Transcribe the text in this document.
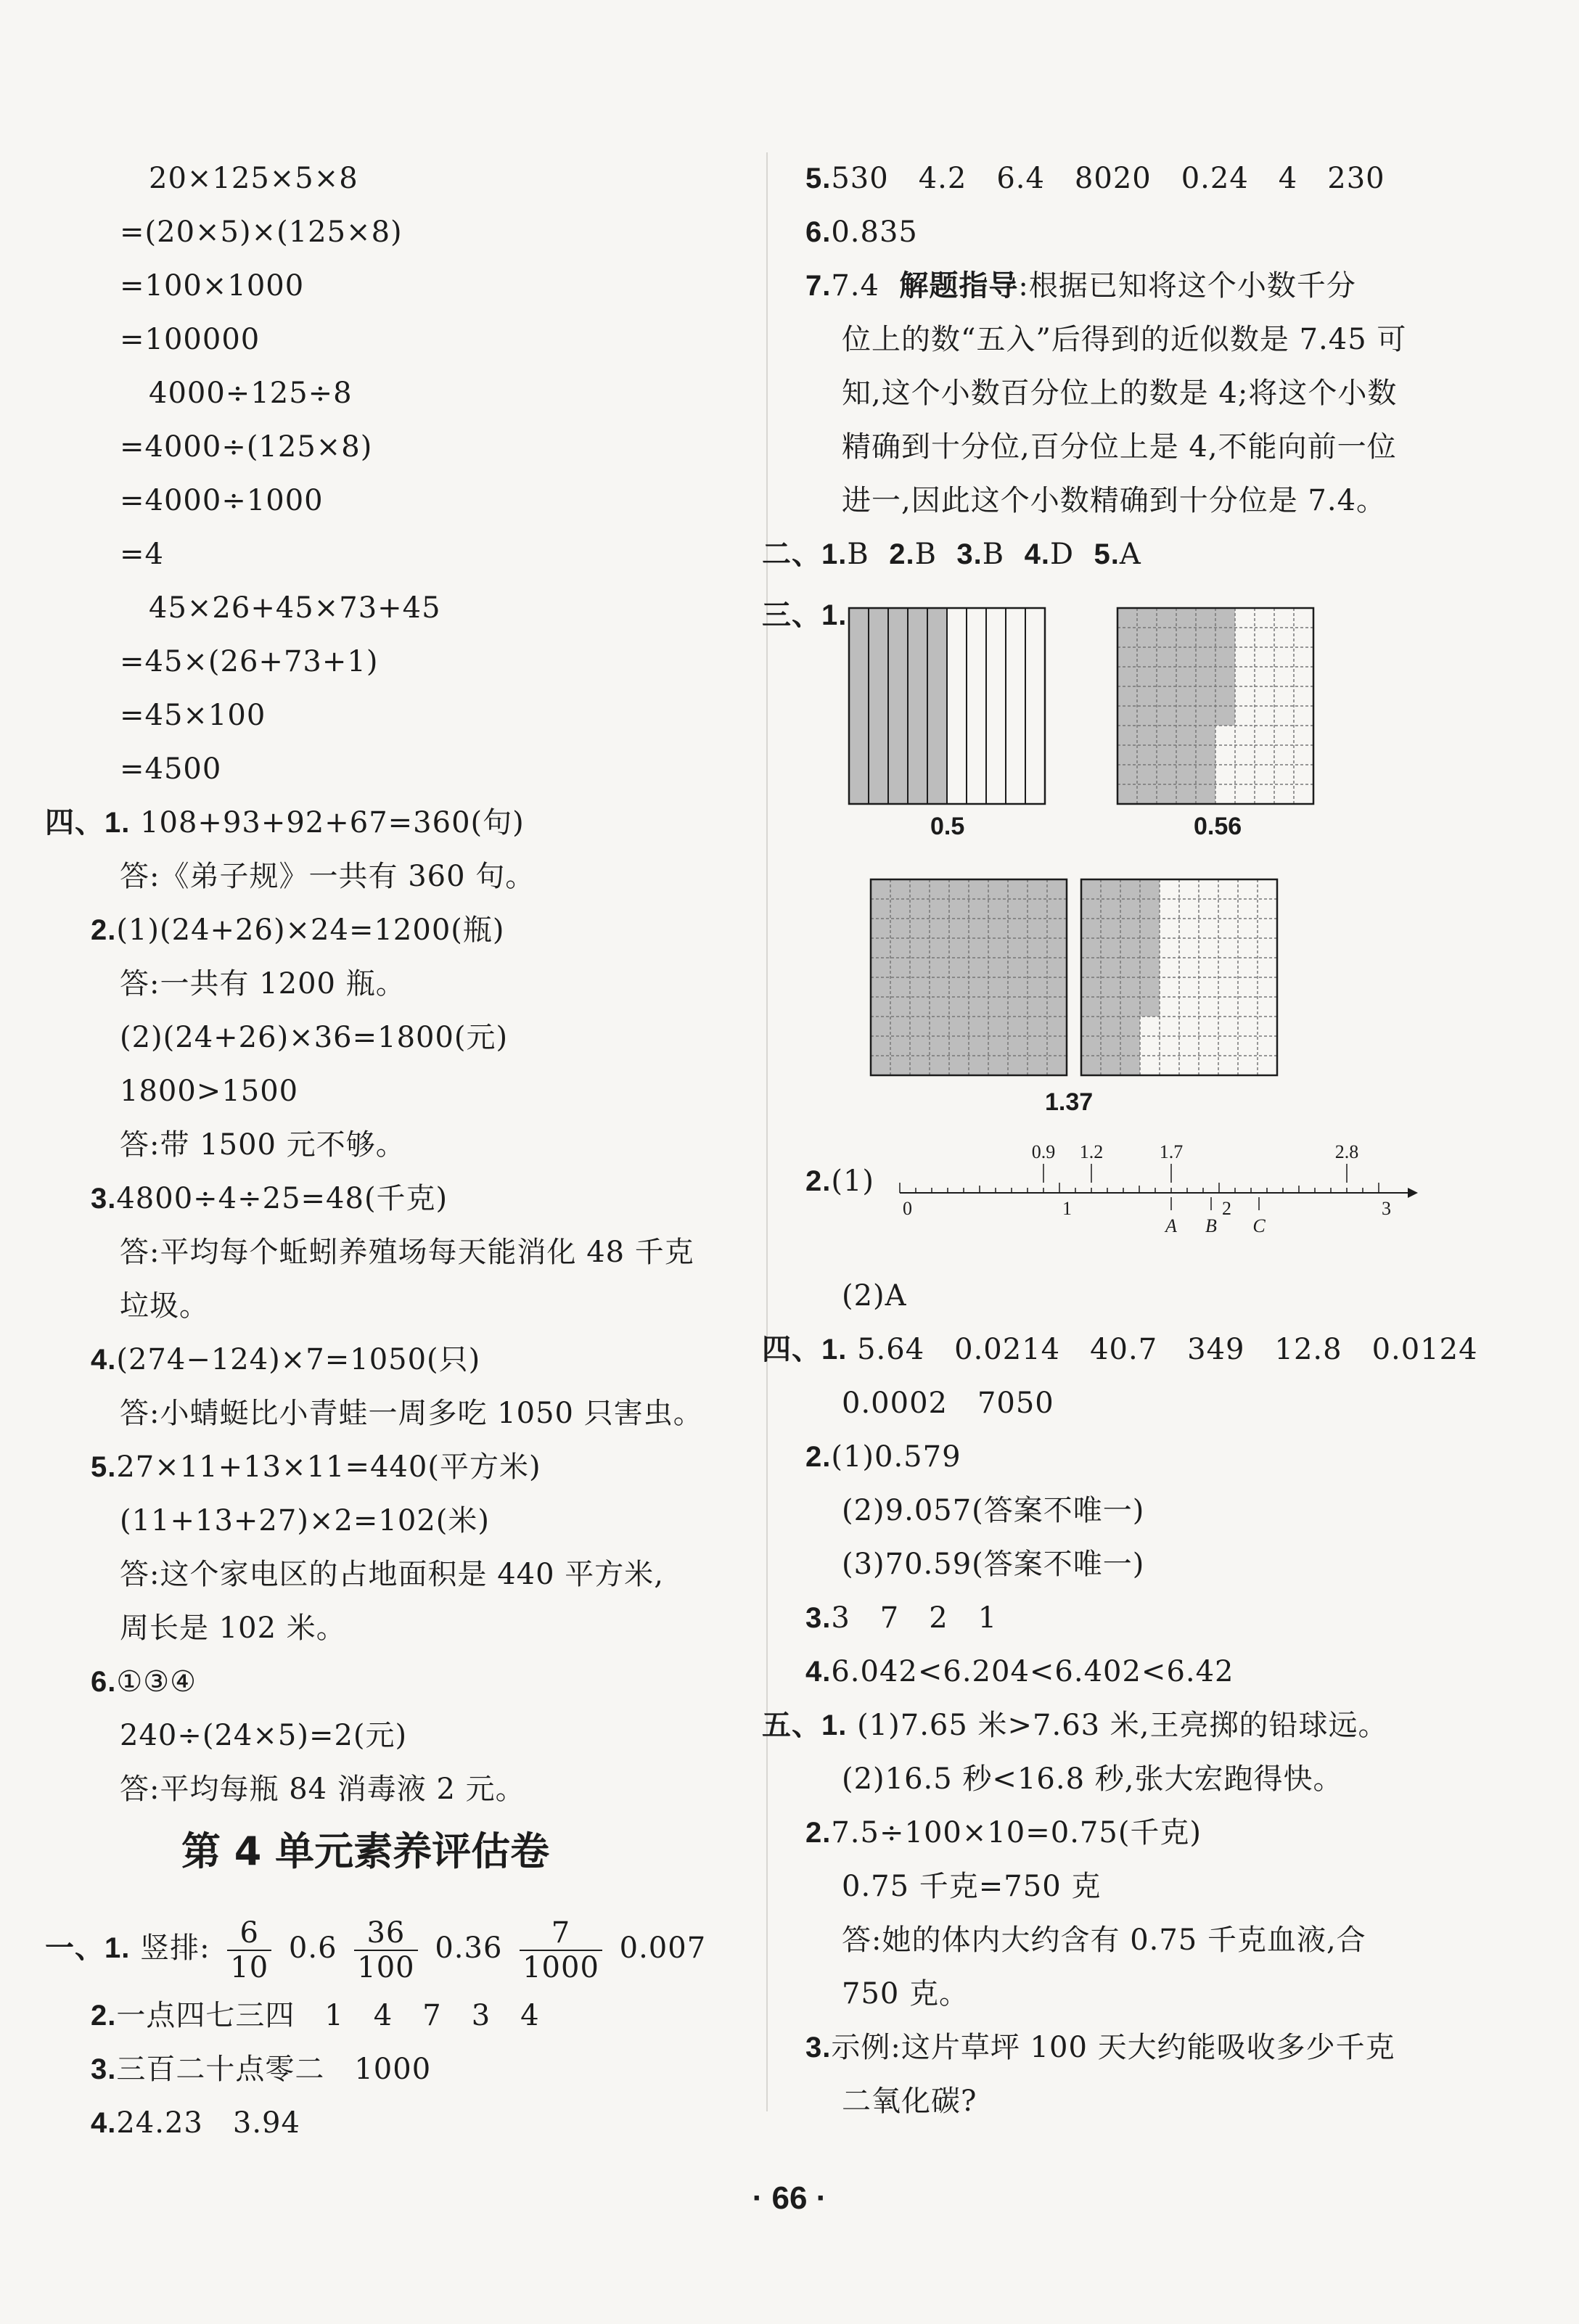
20×125×5×8
=(20×5)×(125×8)
=100×1000
=100000
4000÷125÷8
=4000÷(125×8)
=4000÷1000
=4
45×26+45×73+45
=45×(26+73+1)
=45×100
=4500
四、1. 108+93+92+67=360(句)
答:《弟子规》一共有 360 句。
2.(1)(24+26)×24=1200(瓶)
答:一共有 1200 瓶。
(2)(24+26)×36=1800(元)
1800>1500
答:带 1500 元不够。
3.4800÷4÷25=48(千克)
答:平均每个蚯蚓养殖场每天能消化 48 千克
垃圾。
4.(274−124)×7=1050(只)
答:小蜻蜓比小青蛙一周多吃 1050 只害虫。
5.27×11+13×11=440(平方米)
(11+13+27)×2=102(米)
答:这个家电区的占地面积是 440 平方米,
周长是 102 米。
6.①③④
240÷(24×5)=2(元)
答:平均每瓶 84 消毒液 2 元。
第 4 单元素养评估卷
一、1. 竖排: $\frac{6}{10} 0.6 \frac{36}{100} 0.36 \frac{7}{1000} 0.007$
2.一点四七三四　1　4　7　3　4
3.三百二十点零二　1000
4.24.23　3.94
5.530　4.2　6.4　8020　0.24　4　230
6.0.835
7.7.4 解题指导:根据已知将这个小数千分
位上的数“五入”后得到的近似数是 7.45 可
知,这个小数百分位上的数是 4;将这个小数
精确到十分位,百分位上是 4,不能向前一位
进一,因此这个小数精确到十分位是 7.4。
二、1.B 2.B 3.B 4.D 5.A
三、1.
0.5	0.56
1.37
2.(1)
0	1	2	3
0.9 1.2	1.7	2.8
A B C
(2)A
四、1. 5.64　0.0214　40.7　349　12.8　0.0124
0.0002　7050
2.(1)0.579
(2)9.057(答案不唯一)
(3)70.59(答案不唯一)
3.3　7　2　1
4.6.042<6.204<6.402<6.42
五、1. (1)7.65 米>7.63 米,王亮掷的铅球远。
(2)16.5 秒<16.8 秒,张大宏跑得快。
2.7.5÷100×10=0.75(千克)
0.75 千克=750 克
答:她的体内大约含有 0.75 千克血液,合
750 克。
3.示例:这片草坪 100 天大约能吸收多少千克
二氧化碳?
· 66 ·
